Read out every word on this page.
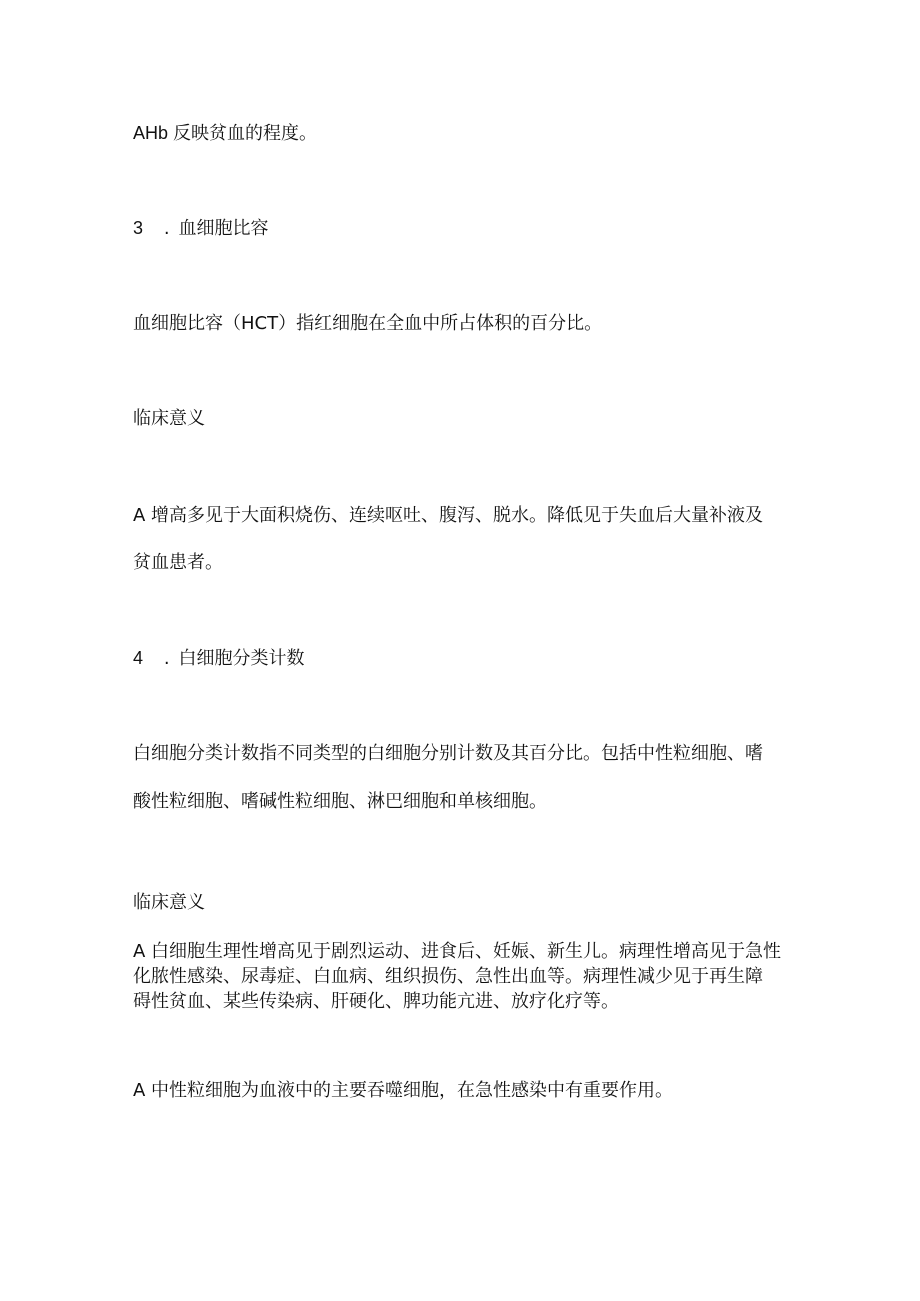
AHb 反映贫血的程度。
3 . 血细胞比容
血细胞比容（HCT）指红细胞在全血中所占体积的百分比。
临床意义
A 增高多见于大面积烧伤、连续呕吐、腹泻、脱水。降低见于失血后大量补液及
贫血患者。
4 . 白细胞分类计数
白细胞分类计数指不同类型的白细胞分别计数及其百分比。包括中性粒细胞、嗜
酸性粒细胞、嗜碱性粒细胞、淋巴细胞和单核细胞。
临床意义
A 白细胞生理性增高见于剧烈运动、进食后、妊娠、新生儿。病理性增高见于急性
化脓性感染、尿毒症、白血病、组织损伤、急性出血等。病理性减少见于再生障
碍性贫血、某些传染病、肝硬化、脾功能亢进、放疗化疗等。
A 中性粒细胞为血液中的主要吞噬细胞，在急性感染中有重要作用。
